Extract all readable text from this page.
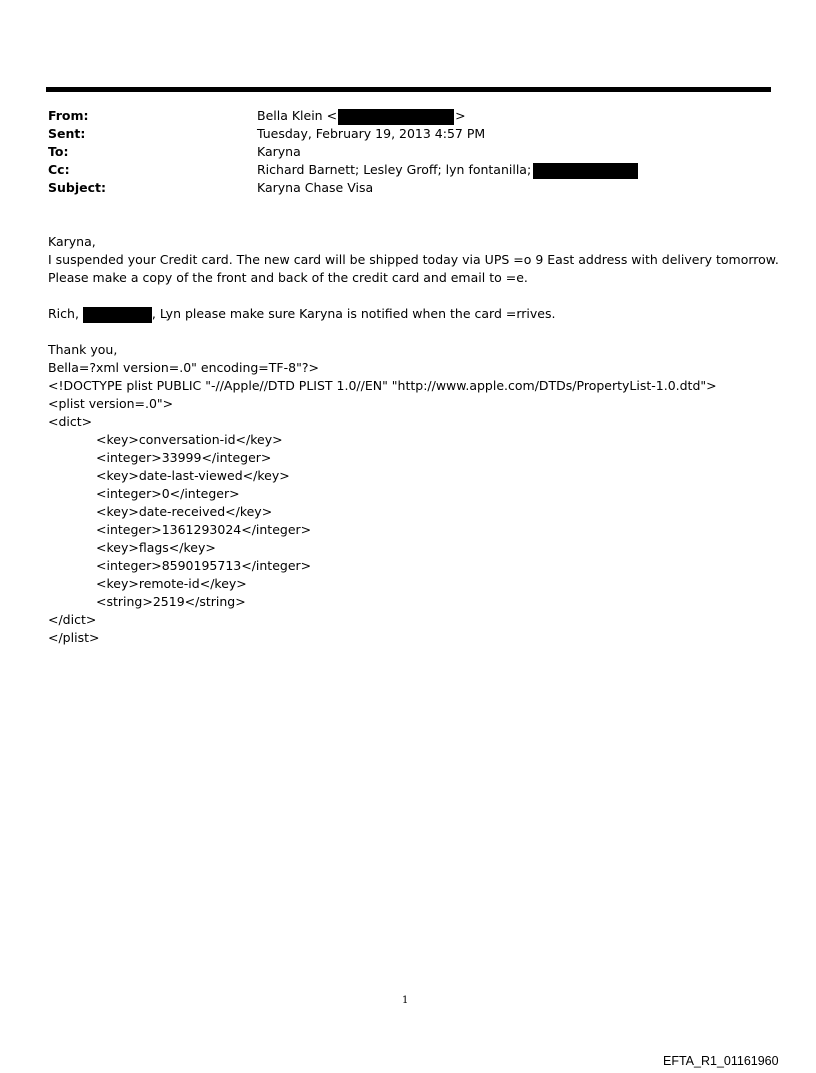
From:	Bella Klein <	>
Sent:	Tuesday, February 19, 2013 4:57 PM
To:	Karyna
Cc:	Richard Barnett; Lesley Groff; lyn fontanilla;
Subject:	Karyna Chase Visa
Karyna,
I suspended your Credit card. The new card will be shipped today via UPS =o 9 East address with delivery tomorrow.
Please make a copy of the front and back of the credit card and email to =e.
Rich,	, Lyn please make sure Karyna is notified when the card =rrives.
Thank you,
Bella=?xml version=.0" encoding=TF-8"?>
<!DOCTYPE plist PUBLIC "-//Apple//DTD PLIST 1.0//EN" "http://www.apple.com/DTDs/PropertyList-1.0.dtd">
<plist version=.0">
<dict>
<key>conversation-id</key>
<integer>33999</integer>
<key>date-last-viewed</key>
<integer>0</integer>
<key>date-received</key>
<integer>1361293024</integer>
<key>flags</key>
<integer>8590195713</integer>
<key>remote-id</key>
<string>2519</string>
</dict>
</plist>
1
EFTA_R1_01161960
